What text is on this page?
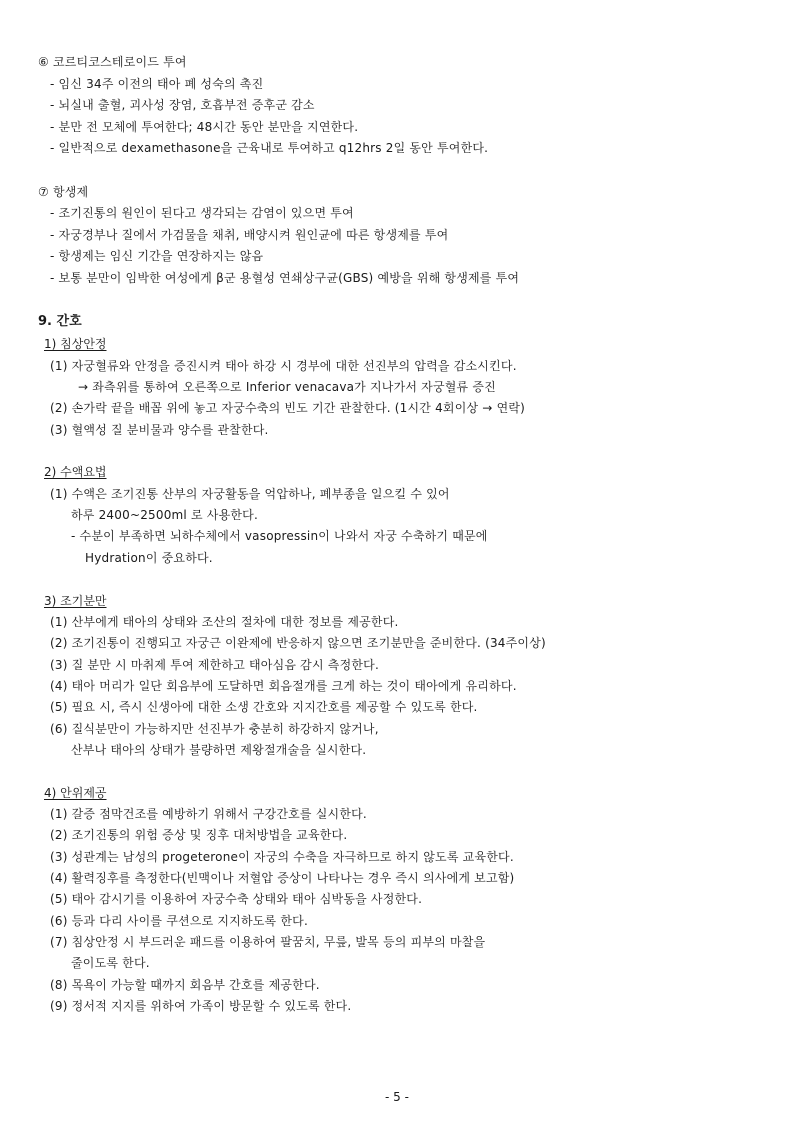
⑥ 코르티코스테로이드 투여
- 임신 34주 이전의 태아 폐 성숙의 촉진
- 뇌실내 출혈, 괴사성 장염, 호흡부전 증후군 감소
- 분만 전 모체에 투여한다; 48시간 동안 분만을 지연한다.
- 일반적으로 dexamethasone을 근육내로 투여하고 q12hrs 2일 동안 투여한다.
⑦ 항생제
- 조기진통의 원인이 된다고 생각되는 감염이 있으면 투여
- 자궁경부나 질에서 가검물을 채취, 배양시켜 원인균에 따른 항생제를 투여
- 항생제는 임신 기간을 연장하지는 않음
- 보통 분만이 임박한 여성에게 β군 용혈성 연쇄상구균(GBS) 예방을 위해 항생제를 투여
9. 간호
1) 침상안정
(1) 자궁혈류와 안정을 증진시켜 태아 하강 시 경부에 대한 선진부의 압력을 감소시킨다.
→ 좌측위를 통하여 오른쪽으로 Inferior venacava가 지나가서 자궁혈류 증진
(2) 손가락 끝을 배꼽 위에 놓고 자궁수축의 빈도 기간 관찰한다. (1시간 4회이상 → 연락)
(3) 혈액성 질 분비물과 양수를 관찰한다.
2) 수액요법
(1) 수액은 조기진통 산부의 자궁활동을 억압하나, 폐부종을 일으킬 수 있어
하루 2400~2500ml 로 사용한다.
- 수분이 부족하면 뇌하수체에서 vasopressin이 나와서 자궁 수축하기 때문에
Hydration이 중요하다.
3) 조기분만
(1) 산부에게 태아의 상태와 조산의 절차에 대한 정보를 제공한다.
(2) 조기진통이 진행되고 자궁근 이완제에 반응하지 않으면 조기분만을 준비한다. (34주이상)
(3) 질 분만 시 마취제 투여 제한하고 태아심음 감시 측정한다.
(4) 태아 머리가 일단 회음부에 도달하면 회음절개를 크게 하는 것이 태아에게 유리하다.
(5) 필요 시, 즉시 신생아에 대한 소생 간호와 지지간호를 제공할 수 있도록 한다.
(6) 질식분만이 가능하지만 선진부가 충분히 하강하지 않거나,
산부나 태아의 상태가 불량하면 제왕절개술을 실시한다.
4) 안위제공
(1) 갈증 점막건조를 예방하기 위해서 구강간호를 실시한다.
(2) 조기진통의 위험 증상 및 징후 대처방법을 교육한다.
(3) 성관계는 남성의 progeterone이 자궁의 수축을 자극하므로 하지 않도록 교육한다.
(4) 활력징후를 측정한다(빈맥이나 저혈압 증상이 나타나는 경우 즉시 의사에게 보고함)
(5) 태아 감시기를 이용하여 자궁수축 상태와 태아 심박동을 사정한다.
(6) 등과 다리 사이를 쿠션으로 지지하도록 한다.
(7) 침상안정 시 부드러운 패드를 이용하여 팔꿈치, 무릎, 발목 등의 피부의 마찰을
줄이도록 한다.
(8) 목욕이 가능할 때까지 회음부 간호를 제공한다.
(9) 정서적 지지를 위하여 가족이 방문할 수 있도록 한다.
- 5 -
